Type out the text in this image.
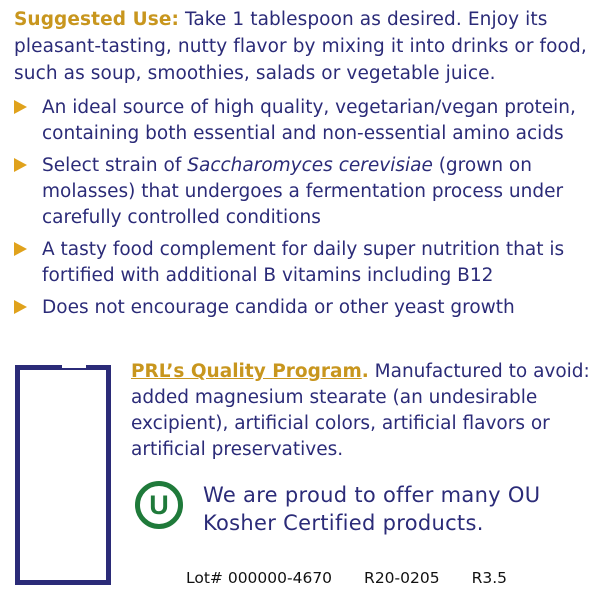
Suggested Use: Take 1 tablespoon as desired. Enjoy its pleasant-tasting, nutty flavor by mixing it into drinks or food, such as soup, smoothies, salads or vegetable juice.
An ideal source of high quality, vegetarian/vegan protein, containing both essential and non-essential amino acids
Select strain of Saccharomyces cerevisiae (grown on molasses) that undergoes a fermentation process under carefully controlled conditions
A tasty food complement for daily super nutrition that is fortified with additional B vitamins including B12
Does not encourage candida or other yeast growth
PRL’s Quality Program. Manufactured to avoid: added magnesium stearate (an undesirable excipient), artificial colors, artificial flavors or artificial preservatives.
U We are proud to offer many OU Kosher Certified products.
Lot# 000000-4670 R20-0205 R3.5
